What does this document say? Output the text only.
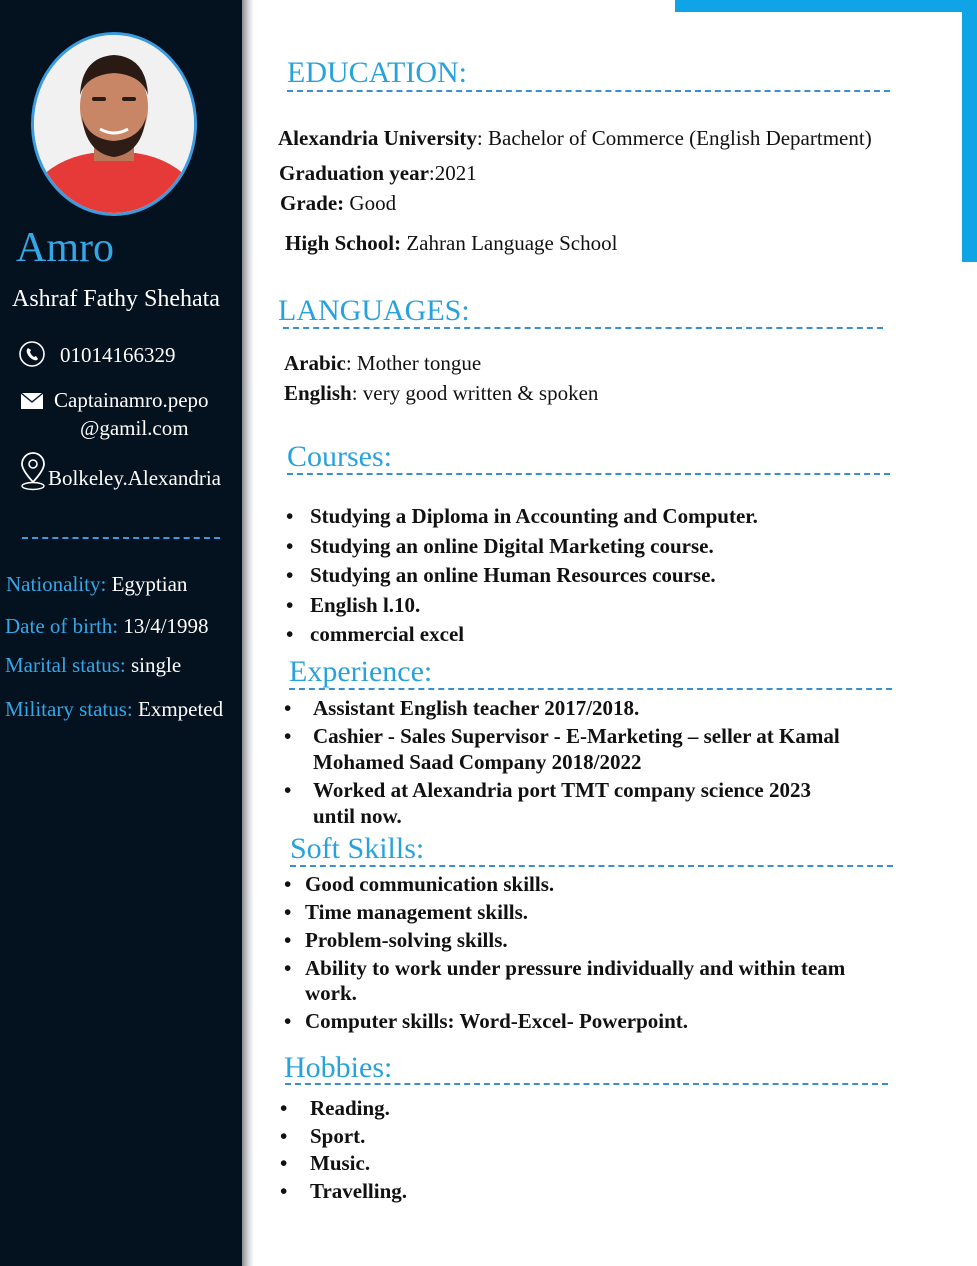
Amro
Ashraf Fathy Shehata
01014166329
Captainamro.pepo
@gamil.com
Bolkeley.Alexandria
Nationality: Egyptian
Date of birth: 13/4/1998
Marital status: single
Military status: Exmpeted
EDUCATION:
Alexandria University: Bachelor of Commerce (English Department)
Graduation year:2021
Grade: Good
High School: Zahran Language School
LANGUAGES:
Arabic: Mother tongue
English: very good written & spoken
Courses:
• Studying a Diploma in Accounting and Computer.
• Studying an online Digital Marketing course.
• Studying an online Human Resources course.
• English l.10.
• commercial excel
Experience:
• Assistant English teacher 2017/2018.
• Cashier - Sales Supervisor - E-Marketing – seller at Kamal
Mohamed Saad Company 2018/2022
• Worked at Alexandria port TMT company science 2023
until now.
Soft Skills:
• Good communication skills.
• Time management skills.
• Problem-solving skills.
• Ability to work under pressure individually and within team
work.
• Computer skills: Word-Excel- Powerpoint.
Hobbies:
• Reading.
• Sport.
• Music.
• Travelling.
